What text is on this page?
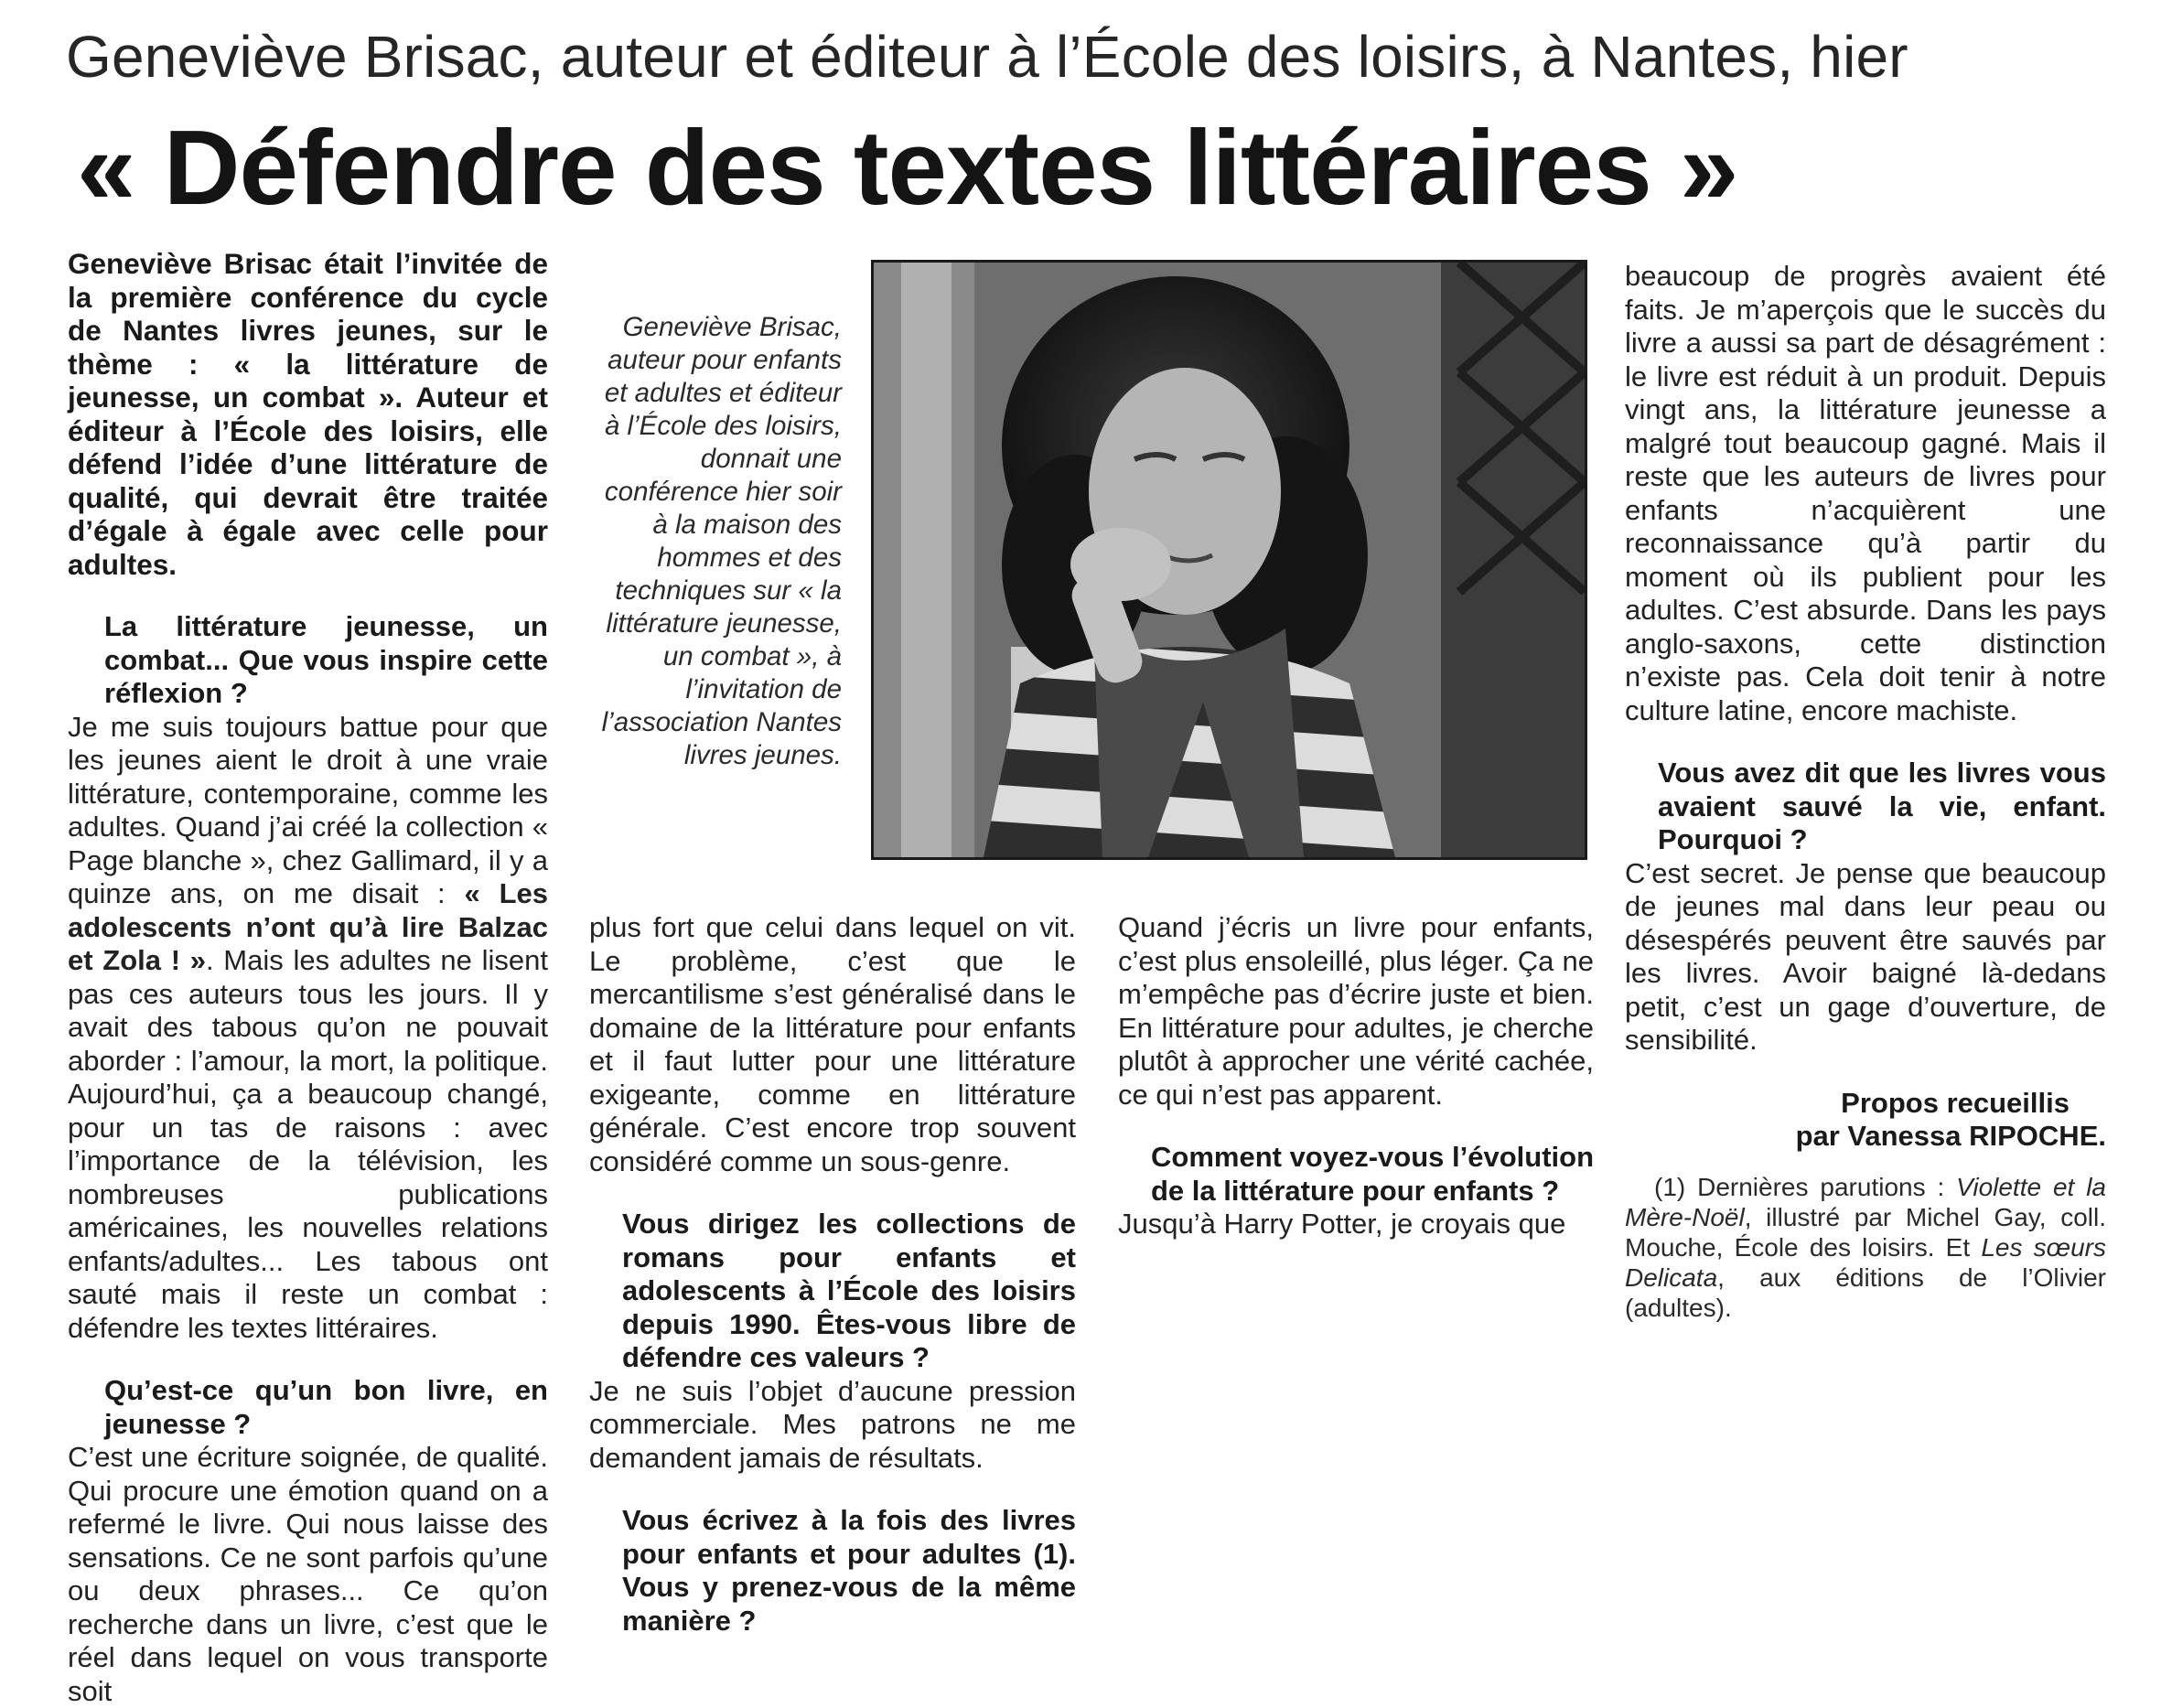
Geneviève Brisac, auteur et éditeur à l’École des loisirs, à Nantes, hier
« Défendre des textes littéraires »

Geneviève Brisac était l’invitée de la première conférence du cycle de Nantes livres jeunes, sur le thème : « la littérature de jeunesse, un combat ». Auteur et éditeur à l’École des loisirs, elle défend l’idée d’une littérature de qualité, qui devrait être traitée d’égale à égale avec celle pour adultes.

La littérature jeunesse, un combat... Que vous inspire cette réflexion ?

Je me suis toujours battue pour que les jeunes aient le droit à une vraie littérature, contemporaine, comme les adultes. Quand j’ai créé la collection « Page blanche », chez Gallimard, il y a quinze ans, on me disait : « Les adolescents n’ont qu’à lire Balzac et Zola ! ». Mais les adultes ne lisent pas ces auteurs tous les jours. Il y avait des tabous qu’on ne pouvait aborder : l’amour, la mort, la politique. Aujourd’hui, ça a beaucoup changé, pour un tas de raisons : avec l’importance de la télévision, les nombreuses publications américaines, les nouvelles relations enfants/adultes... Les tabous ont sauté mais il reste un combat : défendre les textes littéraires.

Qu’est-ce qu’un bon livre, en jeunesse ?

C’est une écriture soignée, de qualité. Qui procure une émotion quand on a refermé le livre. Qui nous laisse des sensations. Ce ne sont parfois qu’une ou deux phrases... Ce qu’on recherche dans un livre, c’est que le réel dans lequel on vous transporte soit

Geneviève Brisac, auteur pour enfants et adultes et éditeur à l’École des loisirs, donnait une conférence hier soir à la maison des hommes et des techniques sur « la littérature jeunesse, un combat », à l’invitation de l’association Nantes livres jeunes.

plus fort que celui dans lequel on vit. Le problème, c’est que le mercantilisme s’est généralisé dans le domaine de la littérature pour enfants et il faut lutter pour une littérature exigeante, comme en littérature générale. C’est encore trop souvent considéré comme un sous-genre.

Vous dirigez les collections de romans pour enfants et adolescents à l’École des loisirs depuis 1990. Êtes-vous libre de défendre ces valeurs ?

Je ne suis l’objet d’aucune pression commerciale. Mes patrons ne me demandent jamais de résultats.

Vous écrivez à la fois des livres pour enfants et pour adultes (1). Vous y prenez-vous de la même manière ?

Quand j’écris un livre pour enfants, c’est plus ensoleillé, plus léger. Ça ne m’empêche pas d’écrire juste et bien. En littérature pour adultes, je cherche plutôt à approcher une vérité cachée, ce qui n’est pas apparent.

Comment voyez-vous l’évolution de la littérature pour enfants ?

Jusqu’à Harry Potter, je croyais que

beaucoup de progrès avaient été faits. Je m’aperçois que le succès du livre a aussi sa part de désagrément : le livre est réduit à un produit. Depuis vingt ans, la littérature jeunesse a malgré tout beaucoup gagné. Mais il reste que les auteurs de livres pour enfants n’acquièrent une reconnaissance qu’à partir du moment où ils publient pour les adultes. C’est absurde. Dans les pays anglo-saxons, cette distinction n’existe pas. Cela doit tenir à notre culture latine, encore machiste.

Vous avez dit que les livres vous avaient sauvé la vie, enfant. Pourquoi ?

C’est secret. Je pense que beaucoup de jeunes mal dans leur peau ou désespérés peuvent être sauvés par les livres. Avoir baigné là-dedans petit, c’est un gage d’ouverture, de sensibilité.

Propos recueillis

par Vanessa RIPOCHE.

(1) Dernières parutions : Violette et la Mère-Noël, illustré par Michel Gay, coll. Mouche, École des loisirs. Et Les sœurs Delicata, aux éditions de l’Olivier (adultes).
